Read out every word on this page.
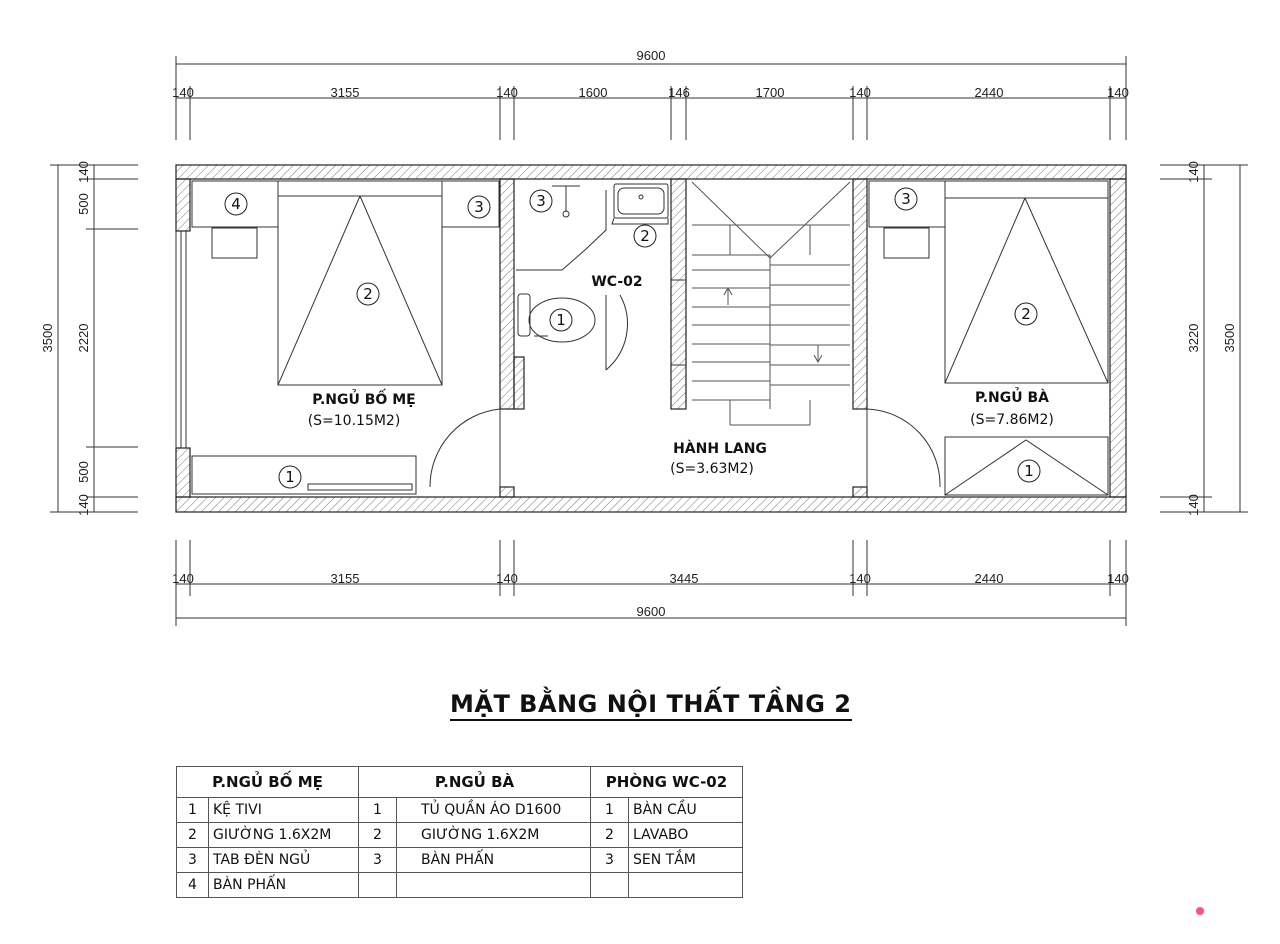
9600
140	3155	140	1600	146	1700	140	2440	140
140	3155	140	3445	140	2440	140
9600
3500
140
500
2220
500
140
140
3220
140
3500
P.NGỦ BỐ MẸ
(S=10.15M2)
P.NGỦ BÀ
(S=7.86M2)
WC-02
HÀNH LANG
(S=3.63M2)
4
2
3
1
3
2
1
3
2
1
MẶT BẰNG NỘI THẤT TẦNG 2
P.NGỦ BỐ MẸ		P.NGỦ BÀ		PHÒNG WC-02	
1	KỆ TIVI	1	TỦ QUẦN ÁO D1600	1	BÀN CẦU
2	GIƯỜNG 1.6X2M	2	GIƯỜNG 1.6X2M	2	LAVABO
3	TAB ĐÈN NGỦ	3	BÀN PHẤN	3	SEN TẮM
4	BÀN PHẤN				
